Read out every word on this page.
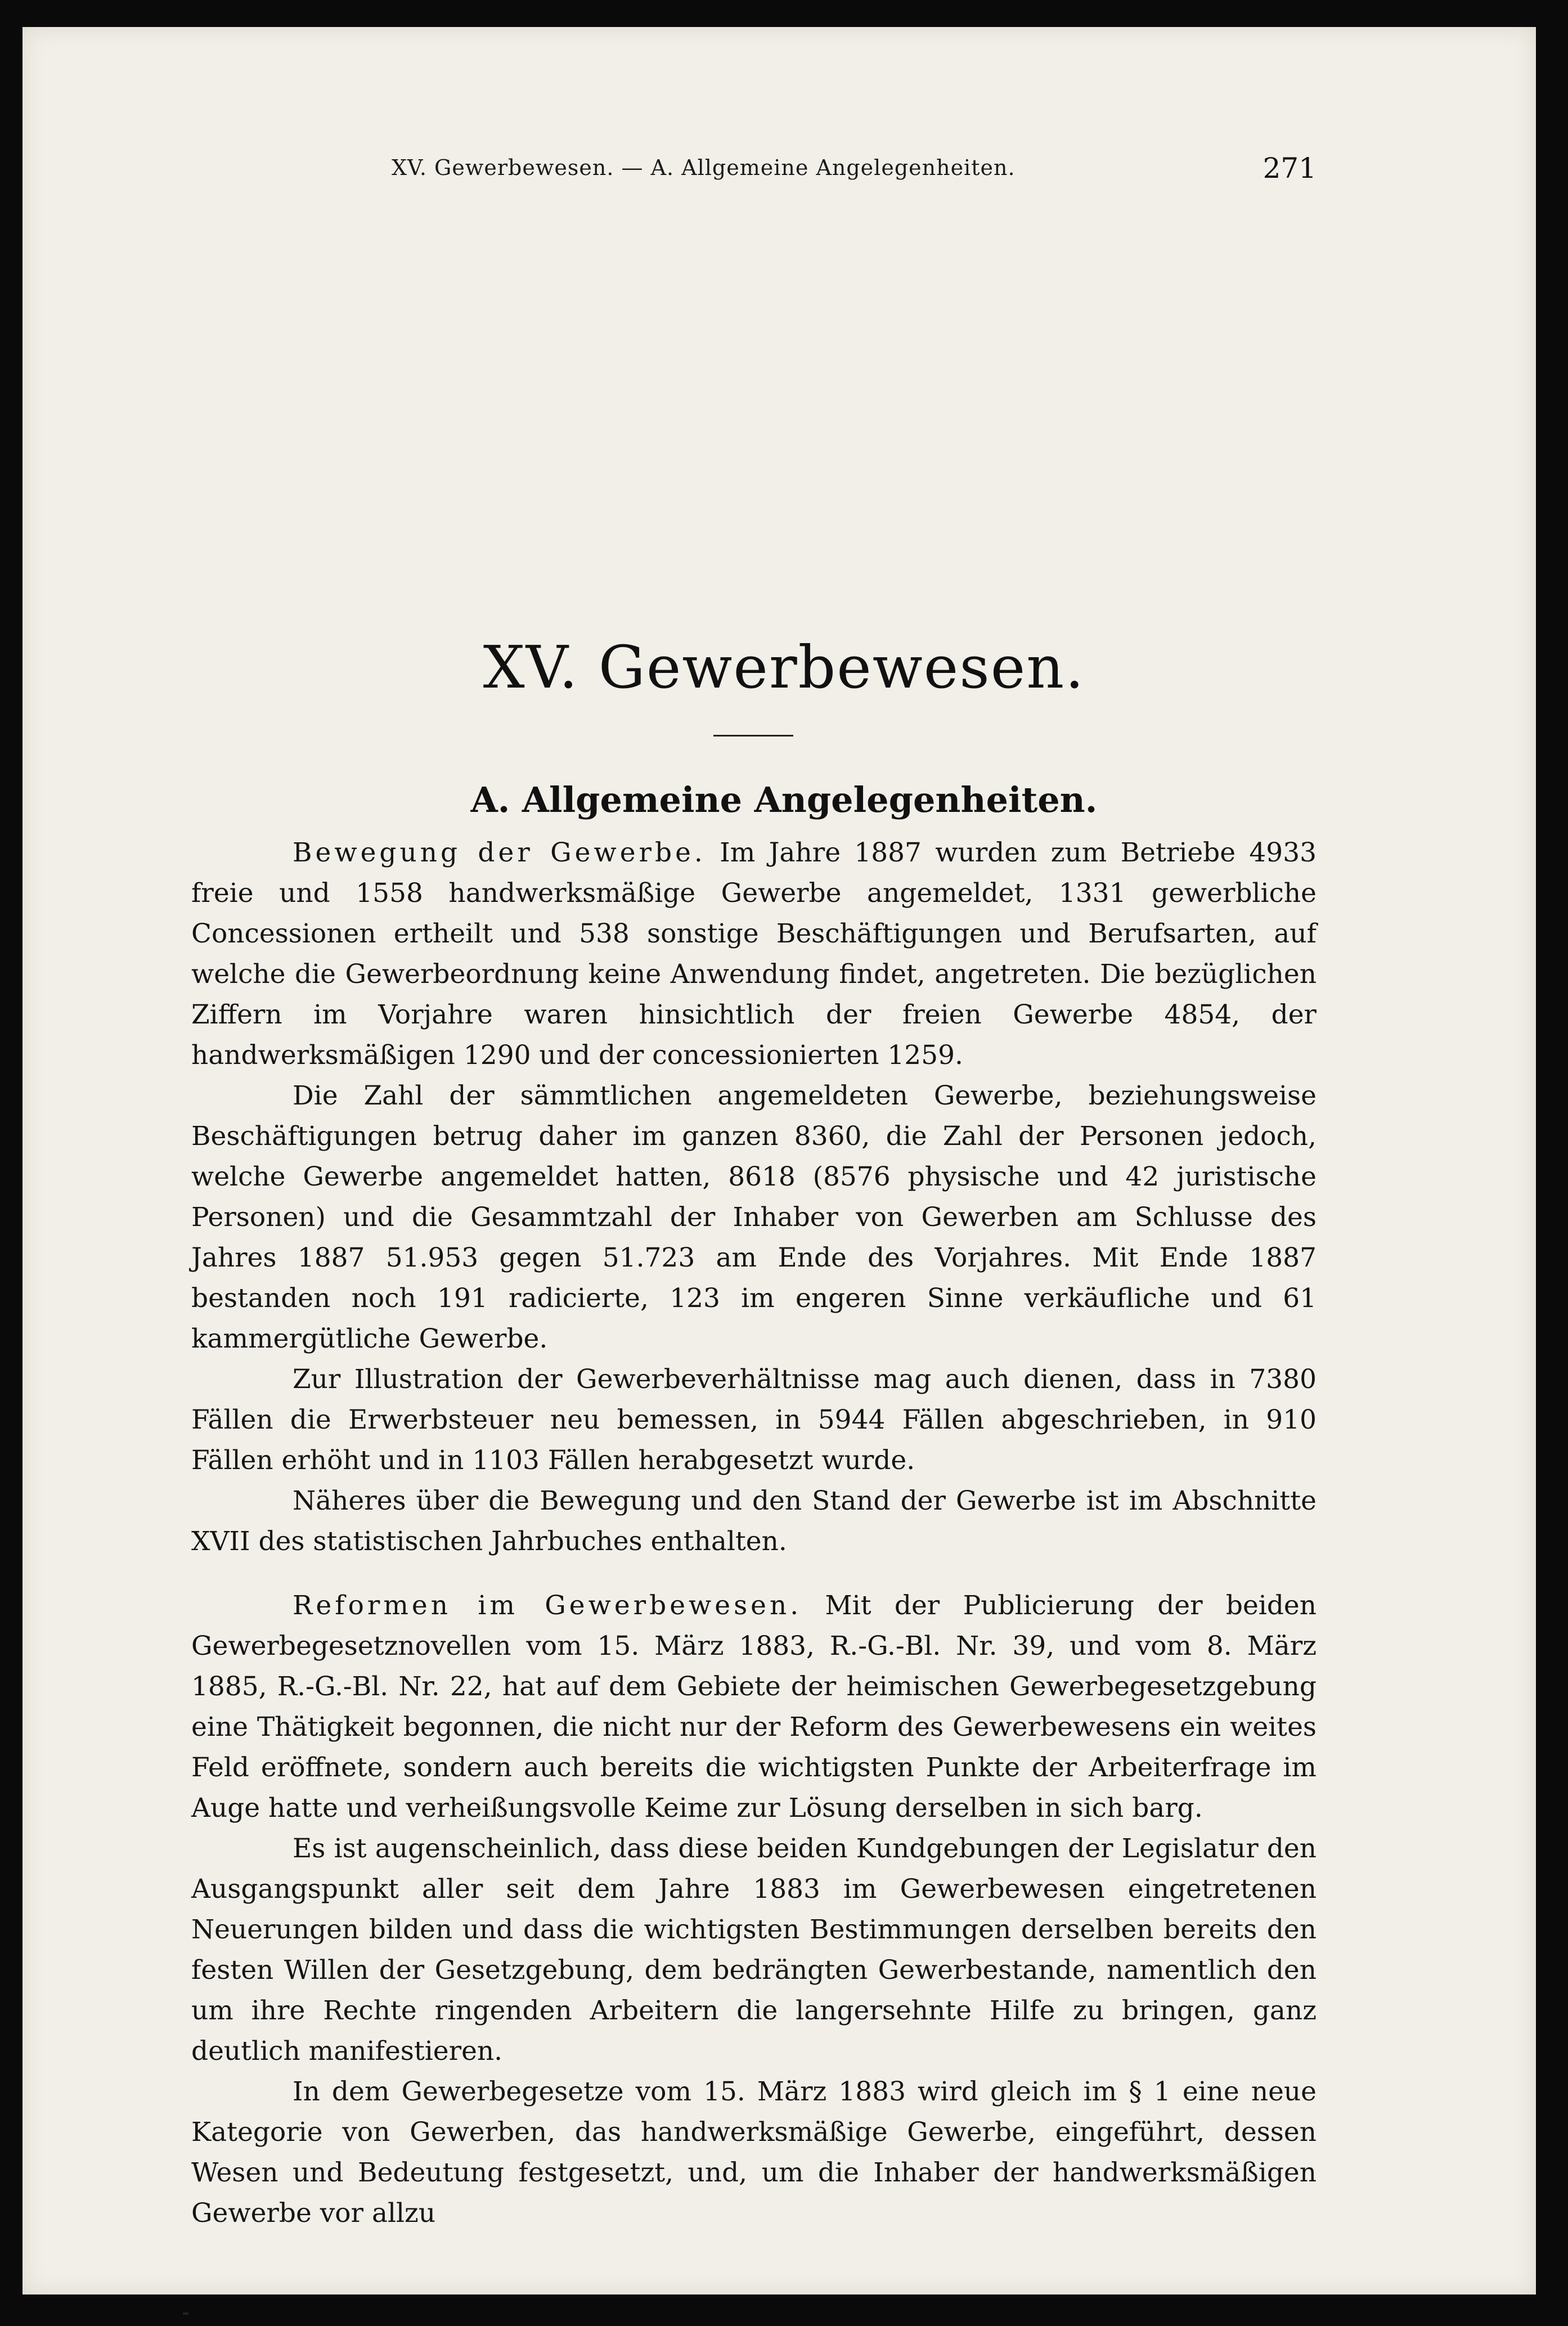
XV. Gewerbewesen. — A. Allgemeine Angelegenheiten.	271
XV. Gewerbewesen.
A. Allgemeine Angelegenheiten.

Bewegung der Gewerbe. Im Jahre 1887 wurden zum Betriebe 4933 freie und 1558 handwerksmäßige Gewerbe angemeldet, 1331 gewerbliche Concessionen ertheilt und 538 sonstige Beschäftigungen und Berufsarten, auf welche die Gewerbeordnung keine Anwendung findet, angetreten. Die bezüglichen Ziffern im Vorjahre waren hinsichtlich der freien Gewerbe 4854, der handwerksmäßigen 1290 und der concessionierten 1259.

Die Zahl der sämmtlichen angemeldeten Gewerbe, beziehungsweise Beschäftigungen betrug daher im ganzen 8360, die Zahl der Personen jedoch, welche Gewerbe angemeldet hatten, 8618 (8576 physische und 42 juristische Personen) und die Gesammtzahl der Inhaber von Gewerben am Schlusse des Jahres 1887 51.953 gegen 51.723 am Ende des Vorjahres. Mit Ende 1887 bestanden noch 191 radicierte, 123 im engeren Sinne verkäufliche und 61 kammergütliche Gewerbe.

Zur Illustration der Gewerbeverhältnisse mag auch dienen, dass in 7380 Fällen die Erwerbsteuer neu bemessen, in 5944 Fällen abgeschrieben, in 910 Fällen erhöht und in 1103 Fällen herabgesetzt wurde.

Näheres über die Bewegung und den Stand der Gewerbe ist im Abschnitte XVII des statistischen Jahrbuches enthalten.

Reformen im Gewerbewesen. Mit der Publicierung der beiden Gewerbegesetznovellen vom 15. März 1883, R.-G.-Bl. Nr. 39, und vom 8. März 1885, R.-G.-Bl. Nr. 22, hat auf dem Gebiete der heimischen Gewerbegesetzgebung eine Thätigkeit begonnen, die nicht nur der Reform des Gewerbewesens ein weites Feld eröffnete, sondern auch bereits die wichtigsten Punkte der Arbeiterfrage im Auge hatte und verheißungsvolle Keime zur Lösung derselben in sich barg.

Es ist augenscheinlich, dass diese beiden Kundgebungen der Legislatur den Ausgangspunkt aller seit dem Jahre 1883 im Gewerbewesen eingetretenen Neuerungen bilden und dass die wichtigsten Bestimmungen derselben bereits den festen Willen der Gesetzgebung, dem bedrängten Gewerbestande, namentlich den um ihre Rechte ringenden Arbeitern die langersehnte Hilfe zu bringen, ganz deutlich manifestieren.

In dem Gewerbegesetze vom 15. März 1883 wird gleich im § 1 eine neue Kategorie von Gewerben, das handwerksmäßige Gewerbe, eingeführt, dessen Wesen und Bedeutung festgesetzt, und, um die Inhaber der handwerksmäßigen Gewerbe vor allzu
